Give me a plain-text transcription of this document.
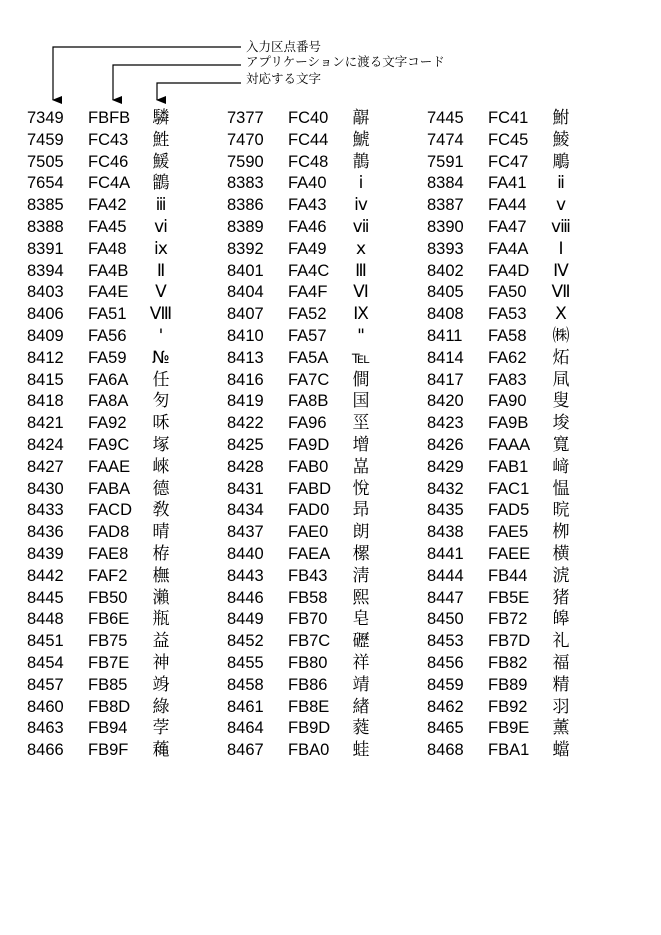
入力区点番号
アプリケーションに渡る文字コード
対応する文字
7349 FBFB	驎
7459 FC43	鮏
7505 FC46	鰀
7654 FC4A	鶹
8385 FA42	ⅲ
8388 FA45	ⅵ
8391 FA48	ⅸ
8394 FA4B	Ⅱ
8403 FA4E	Ⅴ
8406 FA51 Ⅷ
8409 FA56	'
8412 FA59	№
8415 FA6A	任
8418 FA8A	匇
8421 FA92	咊
8424 FA9C	塚
8427 FAAE	崍
8430 FABA	德
8433 FACD	敎
8436 FAD8	晴
8439 FAE8	栫
8442 FAF2	橅
8445 FB50	瀨
8448 FB6E	瓶
8451 FB75	益
8454 FB7E	神
8457 FB85	竧
8460 FB8D	綠
8463 FB94	茡
8466 FB9F	蘒
7377 FC40	髜
7470 FC44	鯱
7590 FC48	鶄
8383 FA40	ⅰ
8386 FA43	ⅳ
8389 FA46	ⅶ
8392 FA49	ⅹ
8401 FA4C	Ⅲ
8404 FA4F	Ⅵ
8407 FA52	Ⅸ
8410 FA57	"
8413 FA5A	℡
8416 FA7C	僴
8419 FA8B	国
8422 FA96	坙
8425 FA9D	增
8428 FAB0	嵓
8431 FABD	悅
8434 FAD0	昻
8437 FAE0	朗
8440 FAEA	樏
8443 FB43	淸
8446 FB58	熙
8449 FB70	皂
8452 FB7C	礰
8455 FB80	祥
8458 FB86	靖
8461 FB8E	緖
8464 FB9D	蕤
8467 FBA0	蛙
7445 FC41	鮒
7474 FC45	鯪
7591 FC47	鵰
8384 FA41	ⅱ
8387 FA44	ⅴ
8390 FA47 ⅷ
8393 FA4A	Ⅰ
8402 FA4D	Ⅳ
8405 FA50	Ⅶ
8408 FA53	Ⅹ
8411 FA58	㈱
8414 FA62	炻
8417 FA83	凬
8420 FA90	叟
8423 FA9B	埈
8426 FAAA	寬
8429 FAB1	﨑
8432 FAC1	愠
8435 FAD5	晥
8438 FAE5	栁
8441 FAEE	横
8444 FB44	淲
8447 FB5E	猪
8450 FB72	皞
8453 FB7D	礼
8456 FB82	福
8459 FB89	精
8462 FB92	羽
8465 FB9E	薰
8468 FBA1	蟷
